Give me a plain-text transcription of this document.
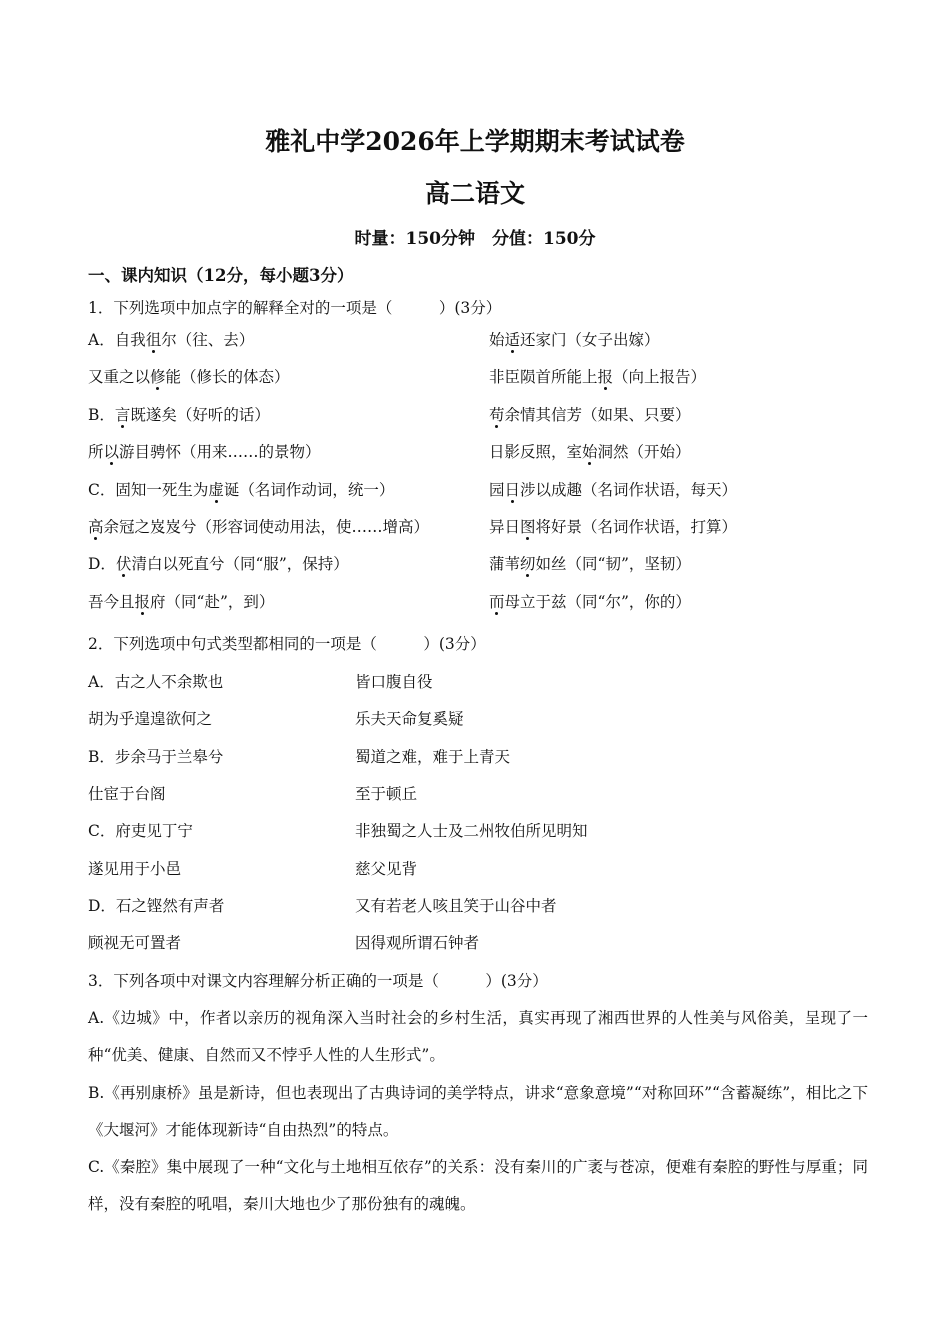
雅礼中学2026年上学期期末考试试卷
高二语文
时量：150分钟　分值：150分
一、课内知识（12分，每小题3分）
1．下列选项中加点字的解释全对的一项是（　　　）(3分）
A．自我徂尔（往、去）	始适还家门（女子出嫁）
又重之以修能（修长的体态）	非臣陨首所能上报（向上报告）
B．言既遂矣（好听的话）	苟余情其信芳（如果、只要）
所以游目骋怀（用来……的景物）	日影反照，室始洞然（开始）
C．固知一死生为虚诞（名词作动词，统一）	园日涉以成趣（名词作状语，每天）
高余冠之岌岌兮（形容词使动用法，使……增高）	异日图将好景（名词作状语，打算）
D．伏清白以死直兮（同“服”，保持）	蒲苇纫如丝（同“韧”，坚韧）
吾今且报府（同“赴”，到）	而母立于兹（同“尔”，你的）
2．下列选项中句式类型都相同的一项是（　　　）(3分）
A．古之人不余欺也	皆口腹自役
胡为乎遑遑欲何之	乐夫天命复奚疑
B．步余马于兰皋兮	蜀道之难，难于上青天
仕宦于台阁	至于顿丘
C．府吏见丁宁	非独蜀之人士及二州牧伯所见明知
遂见用于小邑	慈父见背
D．石之铿然有声者	又有若老人咳且笑于山谷中者
顾视无可置者	因得观所谓石钟者
3．下列各项中对课文内容理解分析正确的一项是（　　　）(3分）
A.《边城》中，作者以亲历的视角深入当时社会的乡村生活，真实再现了湘西世界的人性美与风俗美，呈现了一种“优美、健康、自然而又不悖乎人性的人生形式”。
B.《再别康桥》虽是新诗，但也表现出了古典诗词的美学特点，讲求“意象意境”“对称回环”“含蓄凝练”，相比之下《大堰河》才能体现新诗“自由热烈”的特点。
C.《秦腔》集中展现了一种“文化与土地相互依存”的关系：没有秦川的广袤与苍凉，便难有秦腔的野性与厚重；同样，没有秦腔的吼唱，秦川大地也少了那份独有的魂魄。
